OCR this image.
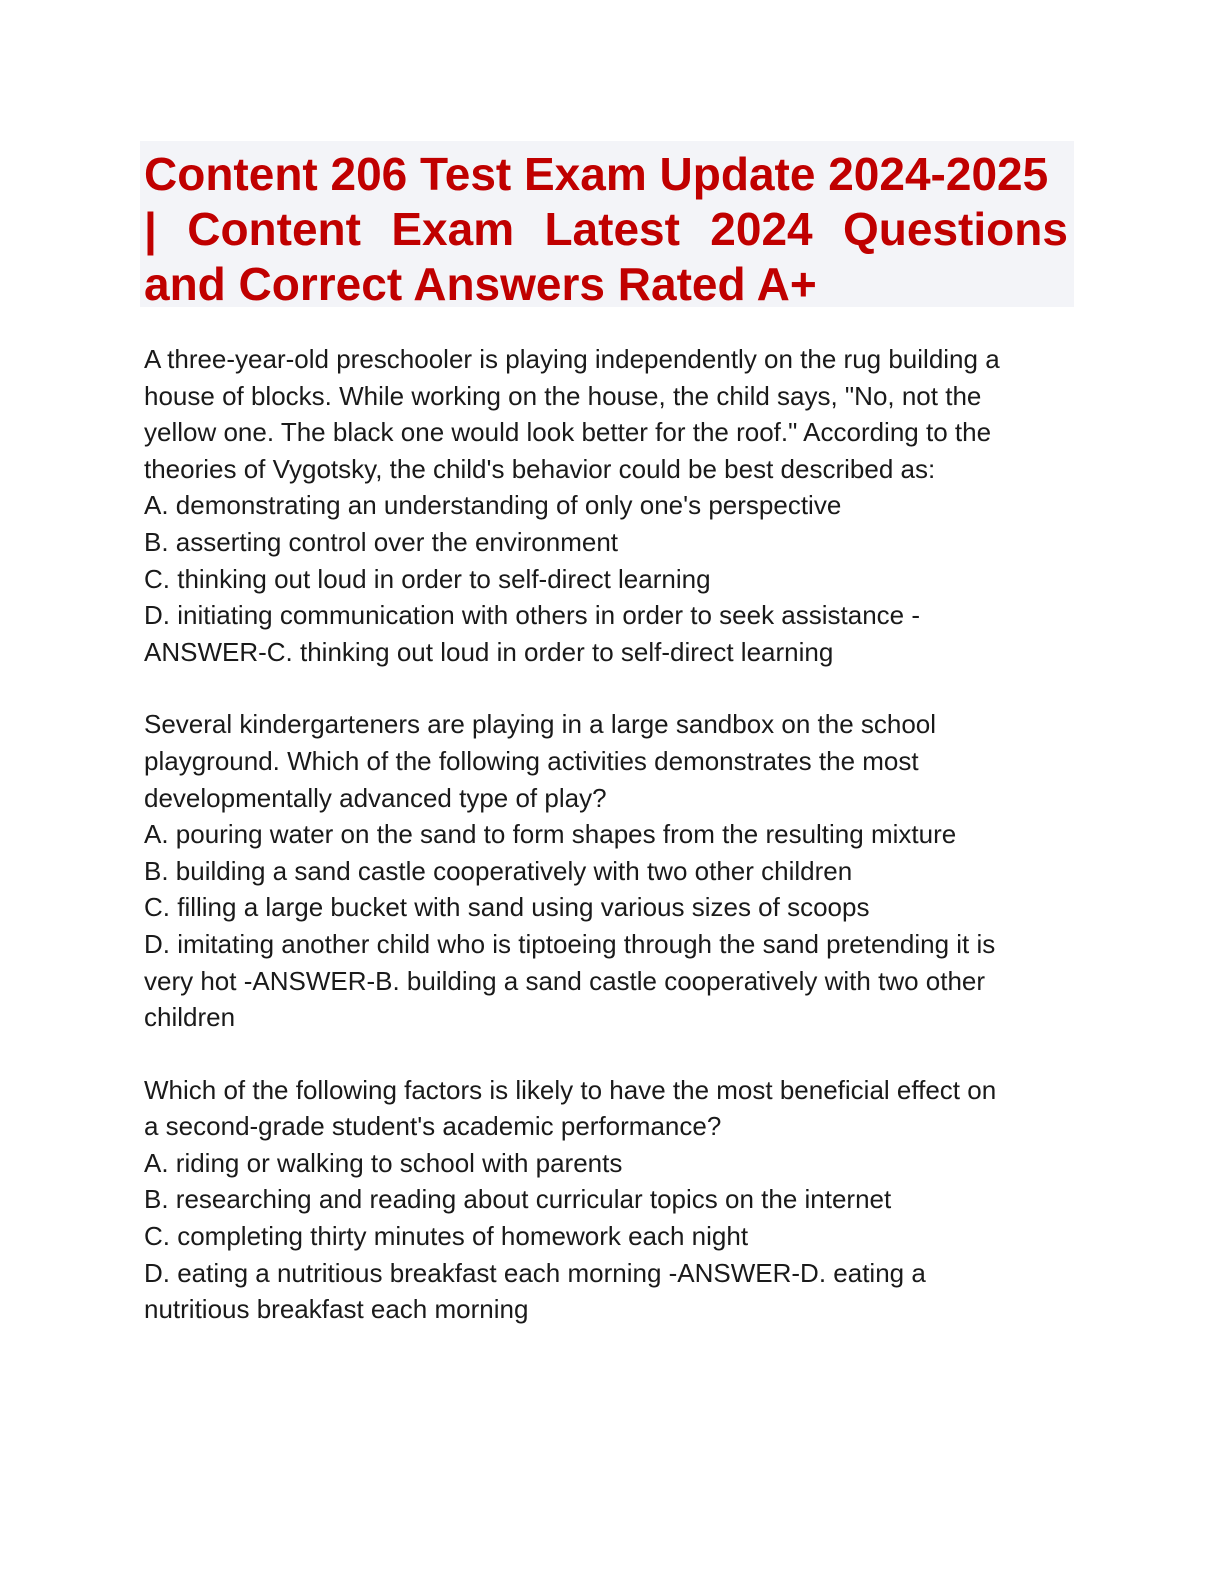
Content 206 Test Exam Update 2024-2025
| Content Exam Latest 2024 Questions
and Correct Answers Rated A+
A three-year-old preschooler is playing independently on the rug building a
house of blocks. While working on the house, the child says, "No, not the
yellow one. The black one would look better for the roof." According to the
theories of Vygotsky, the child's behavior could be best described as:
A. demonstrating an understanding of only one's perspective
B. asserting control over the environment
C. thinking out loud in order to self-direct learning
D. initiating communication with others in order to seek assistance -
ANSWER-C. thinking out loud in order to self-direct learning
Several kindergarteners are playing in a large sandbox on the school
playground. Which of the following activities demonstrates the most
developmentally advanced type of play?
A. pouring water on the sand to form shapes from the resulting mixture
B. building a sand castle cooperatively with two other children
C. filling a large bucket with sand using various sizes of scoops
D. imitating another child who is tiptoeing through the sand pretending it is
very hot -ANSWER-B. building a sand castle cooperatively with two other
children
Which of the following factors is likely to have the most beneficial effect on
a second-grade student's academic performance?
A. riding or walking to school with parents
B. researching and reading about curricular topics on the internet
C. completing thirty minutes of homework each night
D. eating a nutritious breakfast each morning -ANSWER-D. eating a
nutritious breakfast each morning
